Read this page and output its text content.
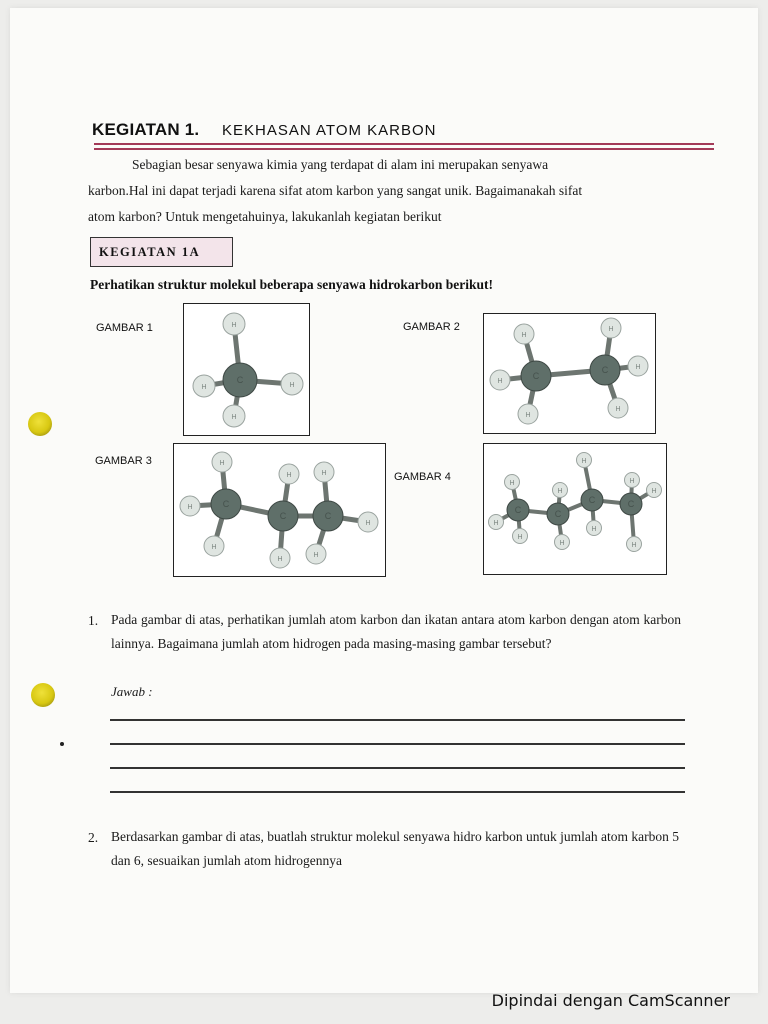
KEGIATAN 1. KEKHASAN ATOM KARBON
Sebagian besar senyawa kimia yang terdapat di alam ini merupakan senyawa
karbon.Hal ini dapat terjadi karena sifat atom karbon yang sangat unik. Bagaimanakah sifat
atom karbon? Untuk mengetahuinya, lakukanlah kegiatan berikut
KEGIATAN 1A
Perhatikan struktur molekul beberapa senyawa hidrokarbon berikut!
GAMBAR 1	GAMBAR 2
GAMBAR 3
GAMBAR 4
H
H	H
H
C
H
H
H
H
H
H
C
C
H
H
H
H
H
H
H
H
C
C	C
H
H
H
H
H
H
H
H
H
H
C	C
C	C
1. Pada gambar di atas, perhatikan jumlah atom karbon dan ikatan antara atom karbon dengan atom karbon lainnya. Bagaimana jumlah atom hidrogen pada masing-masing gambar tersebut?
Jawab :
2. Berdasarkan gambar di atas, buatlah struktur molekul senyawa hidro karbon untuk jumlah atom karbon 5 dan 6, sesuaikan jumlah atom hidrogennya
Dipindai dengan CamScanner
